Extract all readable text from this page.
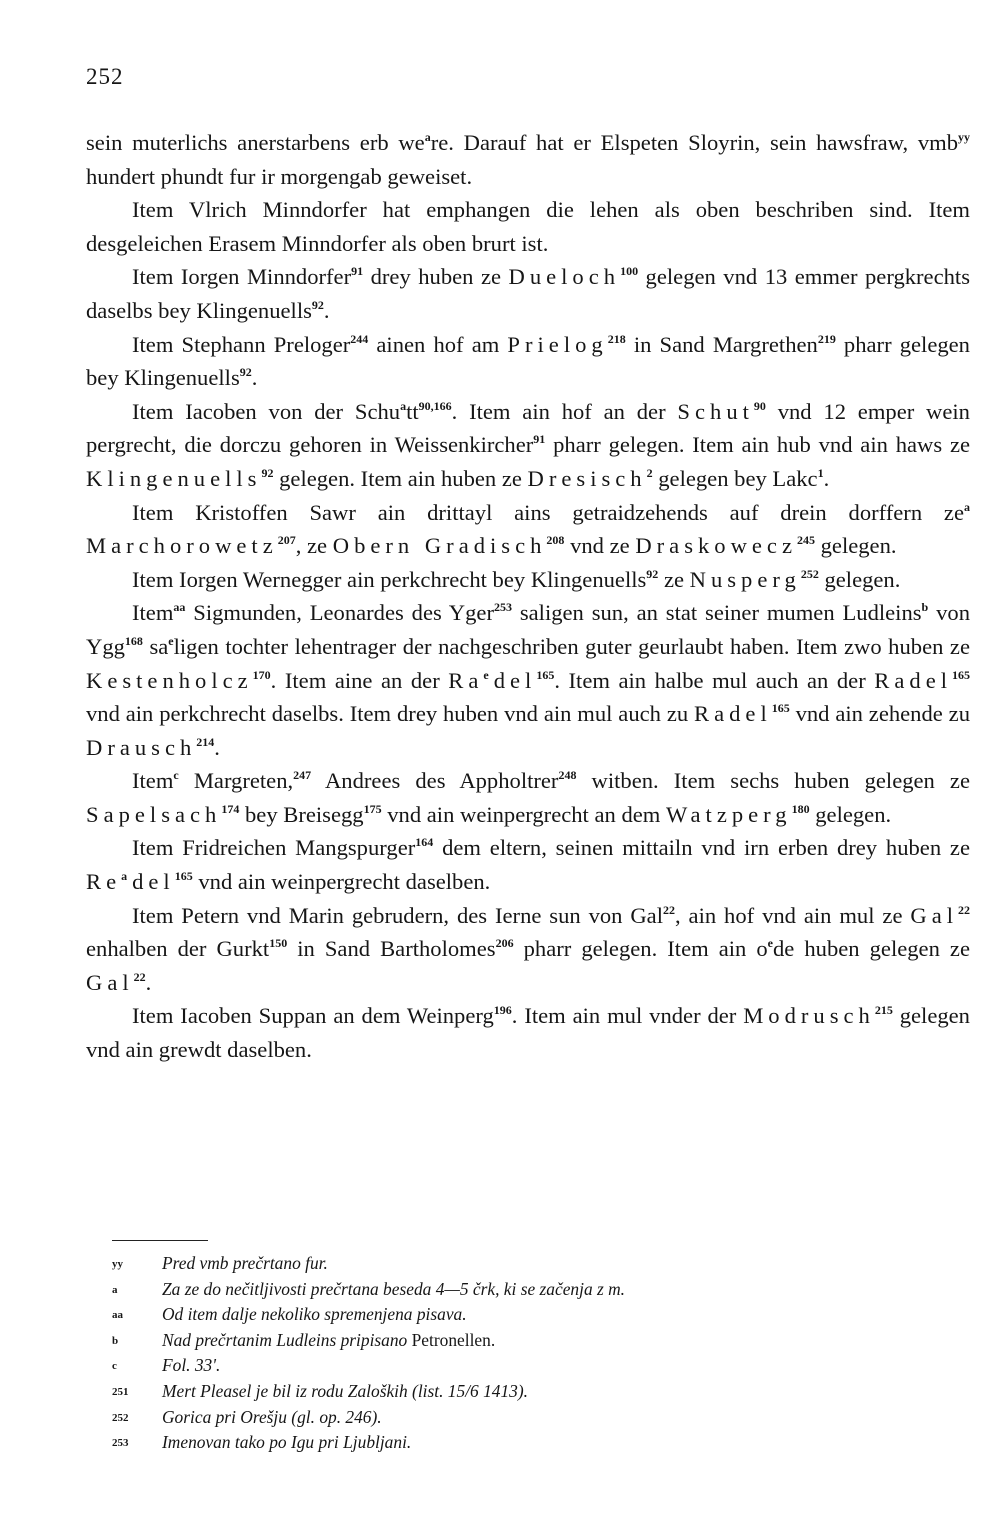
252

sein muterlichs anerstarbens erb $we^are$. Darauf hat er Elspeten Sloyrin, sein hawsfraw, vmb$^{yy}$ hundert phundt fur ir morgengab geweiset.

Item Vlrich Minndorfer hat emphangen die lehen als oben beschriben sind. Item desgeleichen Erasem Minndorfer als oben brurt ist.

Item Iorgen Minndorfer$^{91}$ drey huben ze Dueloch$^{100}$ gelegen vnd 13 emmer pergkrechts daselbs bey Klingenuells$^{92}$.

Item Stephann Preloger$^{244}$ ainen hof am Prielog$^{218}$ in Sand Margrethen$^{219}$ pharr gelegen bey Klingenuells$^{92}$.

Item Iacoben von der Schu$^a$tt$^{90,166}$. Item ain hof an der Schut$^{90}$ vnd 12 emper wein pergrecht, die dorczu gehoren in Weissenkircher$^{91}$ pharr gelegen. Item ain hub vnd ain haws ze Klingenuells$^{92}$ gelegen. Item ain huben ze Dresisch$^2$ gelegen bey Lakc$^1$.

Item Kristoffen Sawr ain drittayl ains getraidzehends auf drein dorffern $ze^a$ Marchorowetz$^{207}$, ze Obern Gradisch$^{208}$ vnd ze Draskowecz$^{245}$ gelegen.

Item Iorgen Wernegger ain perkchrecht bey Klingenuells$^{92}$ ze Nusperg$^{252}$ gelegen.

Item$^{aa}$ Sigmunden, Leonardes des Yger$^{253}$ saligen sun, an stat seiner mumen Ludleins$^b$ von Ygg$^{168}$ $sa^eligen$ tochter lehentrager der nachgeschriben guter geurlaubt haben. Item zwo huben ze Kestenholcz$^{170}$. Item aine an der Ra$^e$del$^{165}$. Item ain halbe mul auch an der Radel$^{165}$ vnd ain perkchrecht daselbs. Item drey huben vnd ain mul auch zu Radel$^{165}$ vnd ain zehende zu Drausch$^{214}$.

Item$^c$ Margreten,$^{247}$ Andrees des Appholtrer$^{248}$ witben. Item sechs huben gelegen ze Sapelsach$^{174}$ bey Breisegg$^{175}$ vnd ain weinpergrecht an dem Watzperg$^{180}$ gelegen.

Item Fridreichen Mangspurger$^{164}$ dem eltern, seinen mittailn vnd irn erben drey huben ze Re$^a$del$^{165}$ vnd ain weinpergrecht daselben.

Item Petern vnd Marin gebrudern, des Ierne sun von Gal$^{22}$, ain hof vnd ain mul ze Gal$^{22}$ enhalben der Gurkt$^{150}$ in Sand Bartholomes$^{206}$ pharr gelegen. Item ain $o^ede$ huben gelegen ze Gal$^{22}$.

Item Iacoben Suppan an dem Weinperg$^{196}$. Item ain mul vnder der Modrusch$^{215}$ gelegen vnd ain grewdt daselben.

yy	Pred vmb prečrtano fur.
a	Za ze do nečitljivosti prečrtana beseda 4—5 črk, ki se začenja z m.
aa	Od item dalje nekoliko spremenjena pisava.
b	Nad prečrtanim Ludleins pripisano Petronellen.
c	Fol. 33'.
251	Mert Pleasel je bil iz rodu Zaloških (list. 15/6 1413).
252	Gorica pri Orešju (gl. op. 246).
253	Imenovan tako po Igu pri Ljubljani.
